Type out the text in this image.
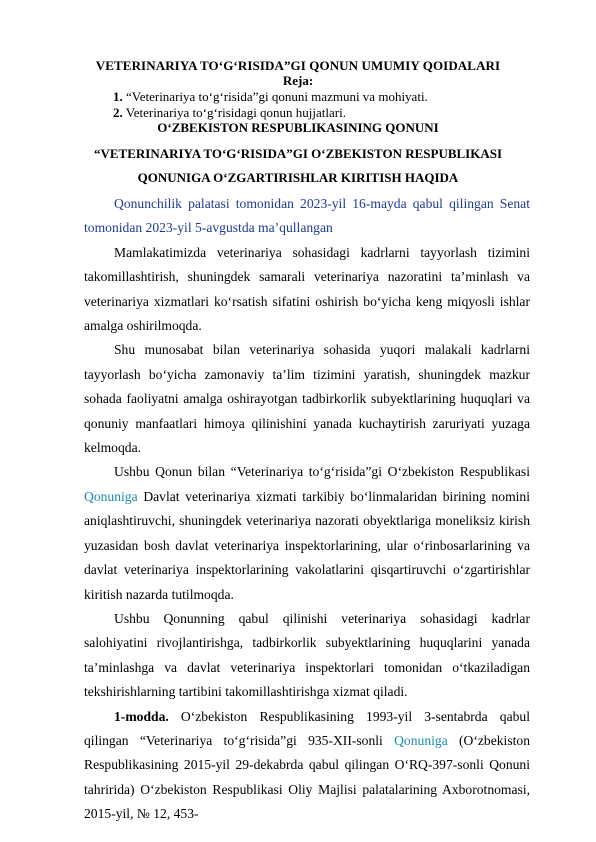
VETERINARIYA TO‘G‘RISIDA”GI QONUN UMUMIY QOIDALARI
Reja:
1. “Veterinariya to‘g‘risida”gi qonuni mazmuni va mohiyati.
2. Veterinariya to‘g‘risidagi qonun hujjatlari.
O‘ZBEKISTON RESPUBLIKASINING QONUNI
“VETERINARIYA TO‘G‘RISIDA”GI O‘ZBEKISTON RESPUBLIKASI
QONUNIGA O‘ZGARTIRISHLAR KIRITISH HAQIDA

Qonunchilik palatasi tomonidan 2023-yil 16-mayda qabul qilingan Senat tomonidan 2023-yil 5-avgustda ma’qullangan

Mamlakatimizda veterinariya sohasidagi kadrlarni tayyorlash tizimini takomillashtirish, shuningdek samarali veterinariya nazoratini ta’minlash va veterinariya xizmatlari ko‘rsatish sifatini oshirish bo‘yicha keng miqyosli ishlar amalga oshirilmoqda.

Shu munosabat bilan veterinariya sohasida yuqori malakali kadrlarni tayyorlash bo‘yicha zamonaviy ta’lim tizimini yaratish, shuningdek mazkur sohada faoliyatni amalga oshirayotgan tadbirkorlik subyektlarining huquqlari va qonuniy manfaatlari himoya qilinishini yanada kuchaytirish zaruriyati yuzaga kelmoqda.

Ushbu Qonun bilan “Veterinariya to‘g‘risida”gi O‘zbekiston Respublikasi Qonuniga Davlat veterinariya xizmati tarkibiy bo‘linmalaridan birining nomini aniqlashtiruvchi, shuningdek veterinariya nazorati obyektlariga moneliksiz kirish yuzasidan bosh davlat veterinariya inspektorlarining, ular o‘rinbosarlarining va davlat veterinariya inspektorlarining vakolatlarini qisqartiruvchi o‘zgartirishlar kiritish nazarda tutilmoqda.

Ushbu Qonunning qabul qilinishi veterinariya sohasidagi kadrlar salohiyatini rivojlantirishga, tadbirkorlik subyektlarining huquqlarini yanada ta’minlashga va davlat veterinariya inspektorlari tomonidan o‘tkaziladigan tekshirishlarning tartibini takomillashtirishga xizmat qiladi.

1-modda. O‘zbekiston Respublikasining 1993-yil 3-sentabrda qabul qilingan “Veterinariya to‘g‘risida”gi 935-XII-sonli Qonuniga (O‘zbekiston Respublikasining 2015-yil 29-dekabrda qabul qilingan O‘RQ-397-sonli Qonuni tahririda) O‘zbekiston Respublikasi Oliy Majlisi palatalarining Axborotnomasi, 2015-yil, № 12, 453-
